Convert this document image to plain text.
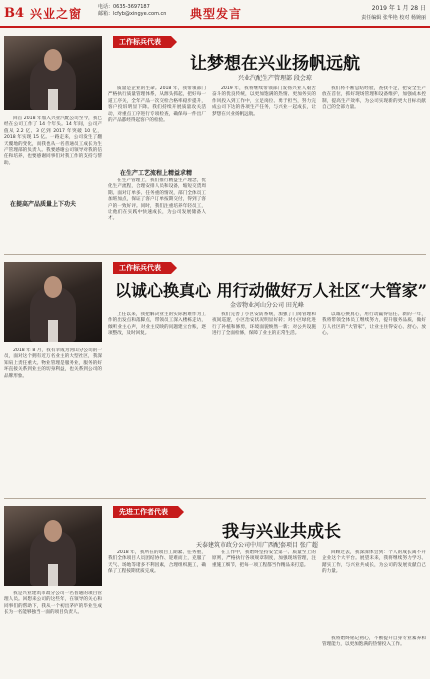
B4 兴业之窗	电话：0635-3697187
邮箱：lcfyb@xingye.com.cn 典型发言	2019 年 1 月 28 日
责任编辑 张华艳 校对 杨婉丽
工作标兵代表
让梦想在兴业扬帆远航
兴业汽配生产管理部 段会琼

回首 2018 年加入兴业汽配公司至今，我已经在公司工作了 14 个年头。14 年间，公司产值从 2.2 亿、3 亿到 2017 年突破 10 亿，2018 年实现 15 亿。一路走来，公司发生了翻天覆地的变化，而我也从一名普通员工成长为生产管理部的负责人。我要感谢公司领导对我的信任和培养，也要感谢同事们对我工作的支持与帮助。

在提高产品质量上下功夫

质量是企业的生命。2018 年，我带领部门严格执行质量管理体系，从源头抓起，把好每一道工序关，全年产品一次交检合格率稳步提升，客户投诉明显下降。我们持续开展质量攻关活动，对重点工序进行专项检查，确保每一件出厂的产品都经得起客户的检验。

在生产工艺流程上精益求精

在生产管理上，我们推行精益生产理念，优化生产流程，合理安排人员和设备，缩短交货周期。面对订单多、任务重的情况，部门全体员工加班加点，保证了客户订单按期交付，得到了客户的一致好评。同时，我们注重培养年轻员工，让他们在实践中快速成长，为公司发展储备人才。

2019 年，我将继续带领部门发扬兴业人艰苦奋斗的优良传统，以更加饱满的热情、更加务实的作风投入到工作中，立足岗位、勇于担当，努力完成公司下达的各项生产任务，与兴业一起成长，让梦想在兴业扬帆远航。

我们将不断总结经验，查找不足，把安全生产放在首位，抓好现场管理和设备维护，加强成本控制，提高生产效率，为公司实现新的更大目标贡献自己的全部力量。

工作标兵代表
以诚心换真心 用行动做好万人社区“大管家”
金帝物业河山分公司 田光峰

2018 年 8 月，我有幸成为河山分公司的一员，面对这个拥有近万名业主的大型社区，我深知肩上责任重大。物业管理是服务业，服务的好坏直接关系到业主的切身利益，也关系到公司的品牌形象。

上任以来，我把解决业主的实际困难作为工作的出发点和落脚点，带领员工深入楼栋走访，倾听业主心声，对业主反映的问题建立台账，逐项整改，及时回复。

我们完善了小区安防系统，加强了门岗管理和夜间巡逻，小区治安状况明显好转；对小区绿化进行了补植和修剪，环境面貌焕然一新；对公共设施进行了全面检修，保障了业主的正常生活。

以诚心换真心，用行动赢得信任。新的一年，我将带领全体员工继续努力，提升服务品质，做好万人社区的“大管家”，让业主住得安心、舒心、放心。

先进工作者代表
我与兴业共成长
天泰建筑市政分公司中川广西配套项目 张广超

我是兴业建筑市政分公司一名普通的项目管理人员。回想来公司的这些年，在领导的关心和同事们的帮助下，我从一个初出茅庐的毕业生成长为一名能够独当一面的项目负责人。

2018 年，我所在的项目工期紧、任务重，我们全体项目人员团结协作、迎难而上，克服了天气、场地等诸多不利因素，合理组织施工，确保了工程按期优质完成。

在工作中，我始终坚持安全第一、质量至上的原则，严格执行各项规章制度，加强现场管理，注重施工细节，把每一项工程都当作精品来打造。

回顾过去，我深深体会到：个人的成长离不开企业这个大平台。展望未来，我将继续努力学习、踏实工作，与兴业共成长，为公司的发展贡献自己的力量。

我将始终铭记初心，不断提升自身专业素养和管理能力，以更加饱满的热情投入工作。
